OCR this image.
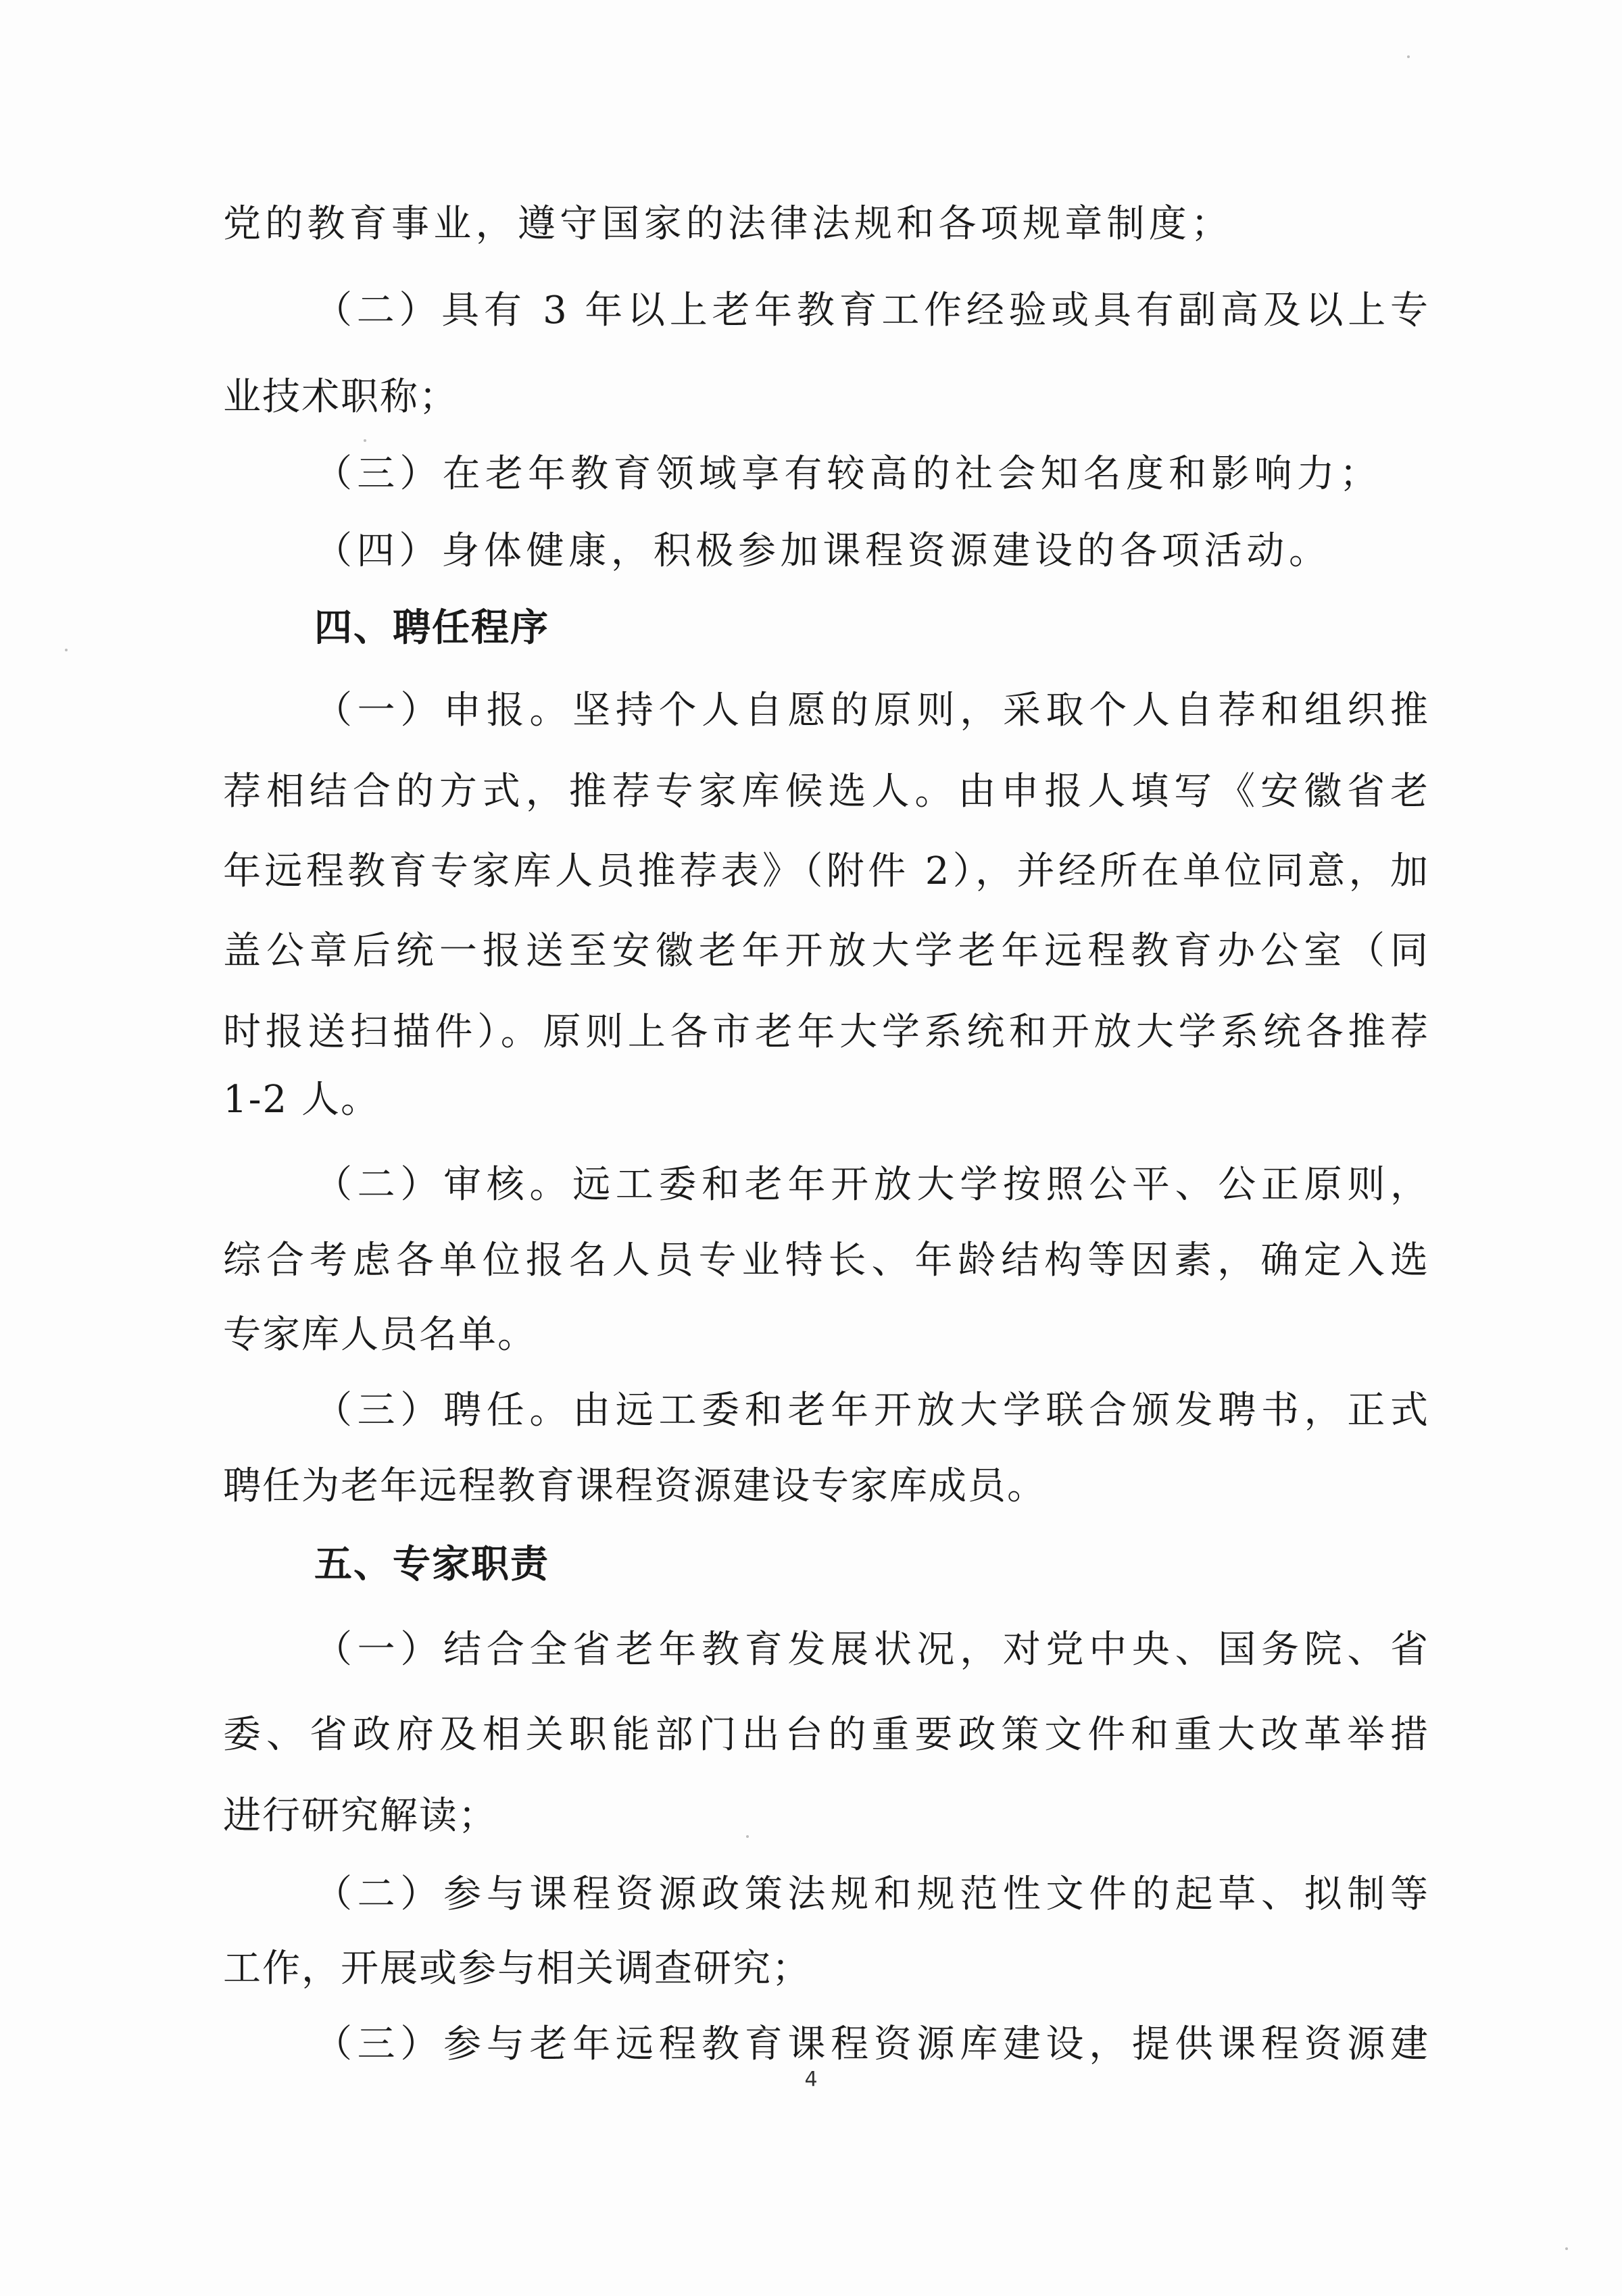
党的教育事业，遵守国家的法律法规和各项规章制度；
（二）具有 3 年以上老年教育工作经验或具有副高及以上专
业技术职称；
（三）在老年教育领域享有较高的社会知名度和影响力；
（四）身体健康，积极参加课程资源建设的各项活动。
四、聘任程序
（一）申报。坚持个人自愿的原则，采取个人自荐和组织推
荐相结合的方式，推荐专家库候选人。由申报人填写《安徽省老
年远程教育专家库人员推荐表》（附件 2），并经所在单位同意，加
盖公章后统一报送至安徽老年开放大学老年远程教育办公室（同
时报送扫描件）。原则上各市老年大学系统和开放大学系统各推荐
1-2 人。
（二）审核。远工委和老年开放大学按照公平、公正原则，
综合考虑各单位报名人员专业特长、年龄结构等因素，确定入选
专家库人员名单。
（三）聘任。由远工委和老年开放大学联合颁发聘书，正式
聘任为老年远程教育课程资源建设专家库成员。
五、专家职责
（一）结合全省老年教育发展状况，对党中央、国务院、省
委、省政府及相关职能部门出台的重要政策文件和重大改革举措
进行研究解读；
（二）参与课程资源政策法规和规范性文件的起草、拟制等
工作，开展或参与相关调查研究；
（三）参与老年远程教育课程资源库建设，提供课程资源建
4
